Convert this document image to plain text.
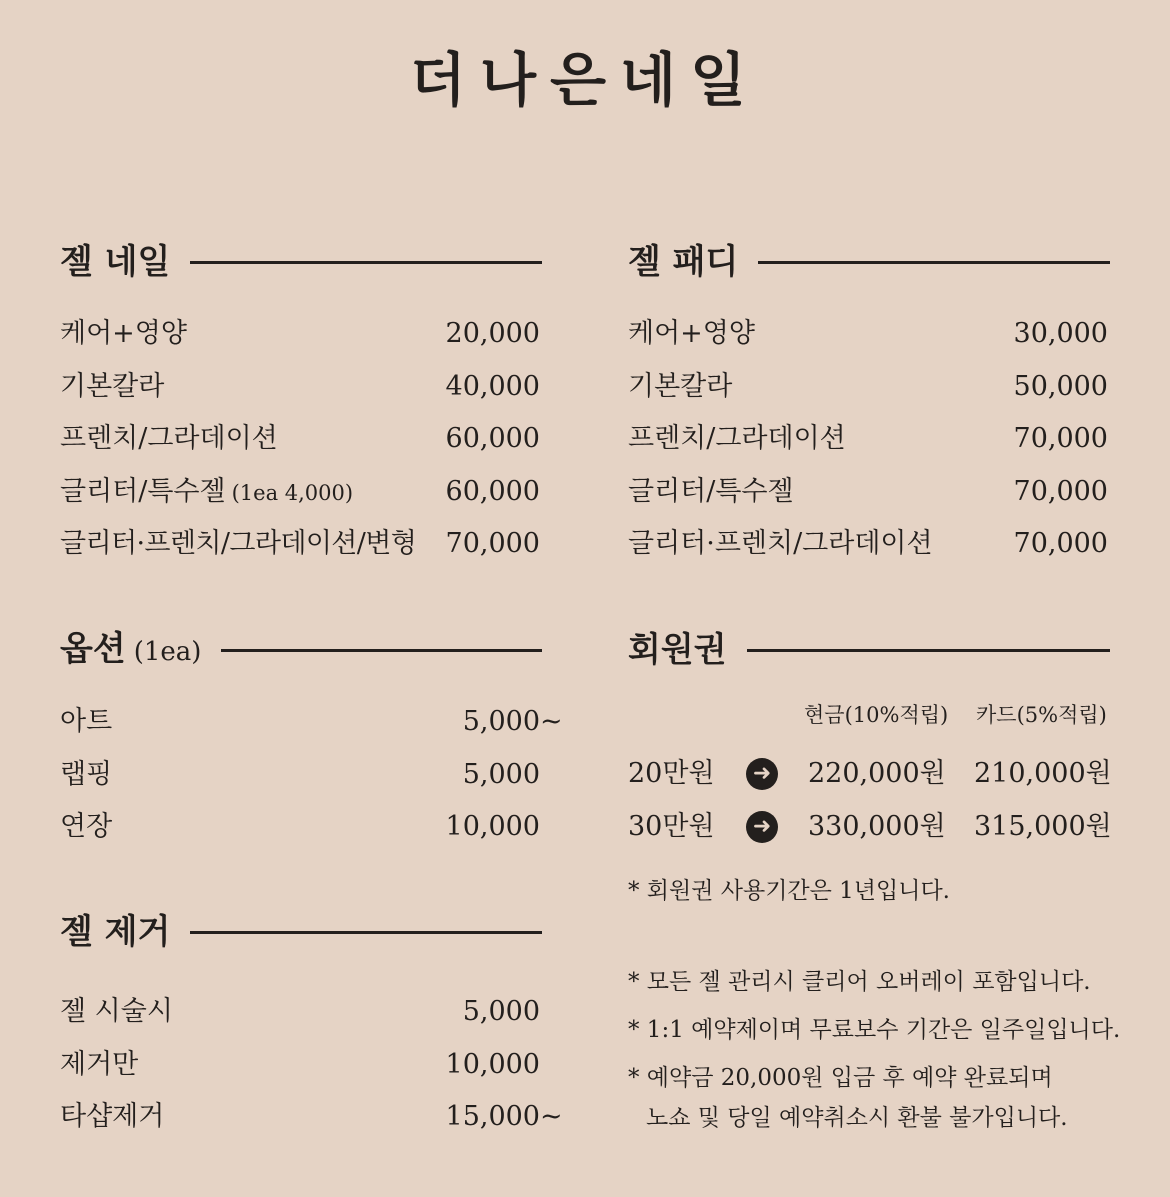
더나은네일
젤 네일
케어+영양	20,000
기본칼라	40,000
프렌치/그라데이션	60,000
글리터/특수젤 (1ea 4,000)	60,000
글리터·프렌치/그라데이션/변형 70,000
젤 패디
케어+영양	30,000
기본칼라	50,000
프렌치/그라데이션	70,000
글리터/특수젤	70,000
글리터·프렌치/그라데이션	70,000
옵션 (1ea)
아트	5,000~
랩핑	5,000
연장	10,000
젤 제거
젤 시술시	5,000
제거만	10,000
타샵제거	15,000~
회원권
현금(10%적립) 카드(5%적립)
20만원	➜ 220,000원 210,000원
30만원	➜ 330,000원 315,000원
* 회원권 사용기간은 1년입니다.
* 모든 젤 관리시 클리어 오버레이 포함입니다.
* 1:1 예약제이며 무료보수 기간은 일주일입니다.
* 예약금 20,000원 입금 후 예약 완료되며
노쇼 및 당일 예약취소시 환불 불가입니다.
